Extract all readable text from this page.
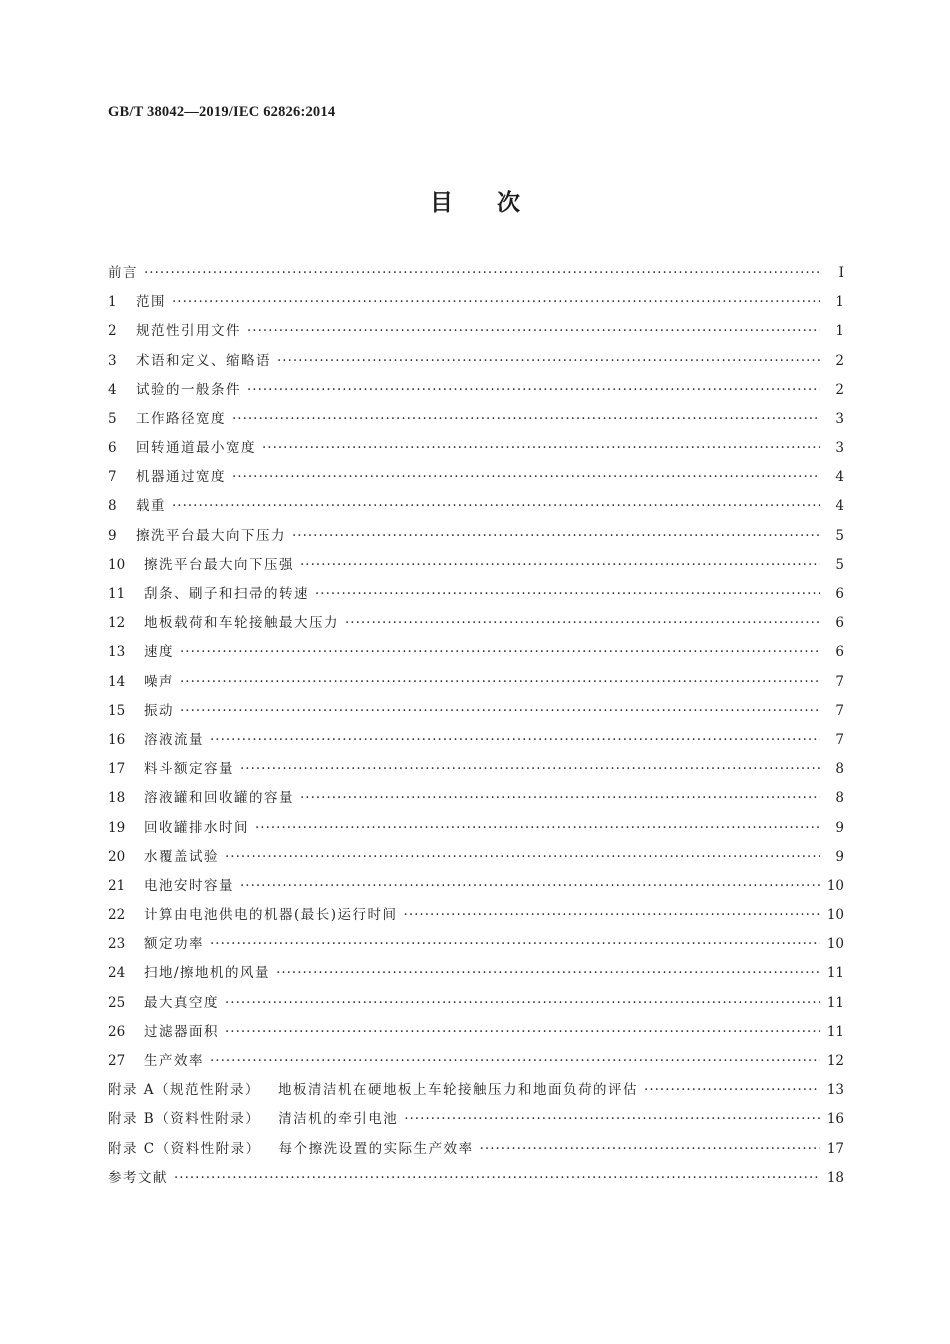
GB/T 38042—2019/IEC 62826:2014
目次
前言 ·····	Ⅰ
1	范围 ·····	1
2	规范性引用文件 ·····	1
3	术语和定义、缩略语 ·····	2
4	试验的一般条件 ·····	2
5	工作路径宽度 ·····	3
6	回转通道最小宽度 ·····	3
7	机器通过宽度 ·····	4
8	载重 ·····	4
9	擦洗平台最大向下压力 ·····	5
10	擦洗平台最大向下压强 ·····	5
11	刮条、刷子和扫帚的转速 ·····	6
12	地板载荷和车轮接触最大压力 ·····	6
13	速度 ·····	6
14	噪声 ·····	7
15	振动 ·····	7
16	溶液流量 ·····	7
17	料斗额定容量 ·····	8
18	溶液罐和回收罐的容量 ·····	8
19	回收罐排水时间 ·····	9
20	水覆盖试验 ·····	9
21	电池安时容量 ·····	10
22	计算由电池供电的机器(最长)运行时间 ·····	10
23	额定功率 ·····	10
24	扫地/擦地机的风量 ·····	11
25	最大真空度 ·····	11
26	过滤器面积 ·····	11
27	生产效率 ·····	12
附录 A（规范性附录） 地板清洁机在硬地板上车轮接触压力和地面负荷的评估 ·····	13
附录 B（资料性附录） 清洁机的牵引电池 ·····	16
附录 C（资料性附录） 每个擦洗设置的实际生产效率 ·····	17
参考文献 ·····	18
